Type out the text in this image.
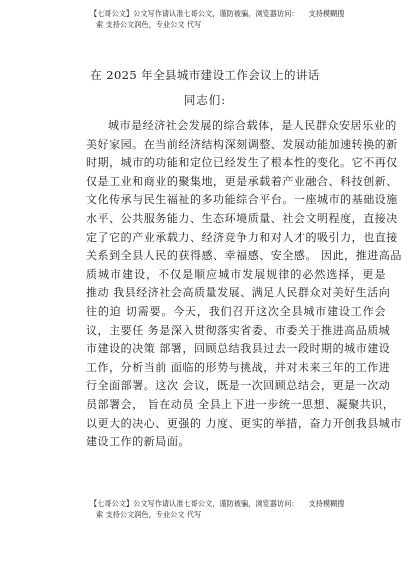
【七哥公文】公文写作请认准七哥公文，谨防被骗，浏览器访问： 支持模糊搜
索 支持公文润色，专业公文 代写
在 2025 年全县城市建设工作会议上的讲话
同志们:
城市是经济社会发展的综合载体，是人民群众安居乐业的
美好家园。在当前经济结构深刻调整、发展动能加速转换的新
时期，城市的功能和定位已经发生了根本性的变化。它不再仅
仅是工业和商业的聚集地，更是承载着产业融合、科技创新、
文化传承与民生福祉的多功能综合平台。一座城市的基础设施
水平、公共服务能力、生态环境质量、社会文明程度，直接决
定了它的产业承载力、经济竞争力和对人才的吸引力，也直接
关系到全县人民的获得感、幸福感、安全感。 因此，推进高品
质城市建设，不仅是顺应城市发展规律的必然选择，更是
推动 我县经济社会高质量发展、满足人民群众对美好生活向
往的迫 切需要。今天，我们召开这次全县城市建设工作会
议，主要任 务是深入贯彻落实省委、市委关于推进高品质城
市建设的决策 部署，回顾总结我县过去一段时期的城市建设
工作，分析当前 面临的形势与挑战，并对未来三年的工作进
行全面部署。这次 会议，既是一次回顾总结会，更是一次动
员部署会， 旨在动员 全县上下进一步统一思想、凝聚共识，
以更大的决心、更强的 力度、更实的举措，奋力开创我县城市
建设工作的新局面。
【七哥公文】公文写作请认准七哥公文，谨防被骗，浏览器访问： 支持模糊搜
索 支持公文润色，专业公文 代写
